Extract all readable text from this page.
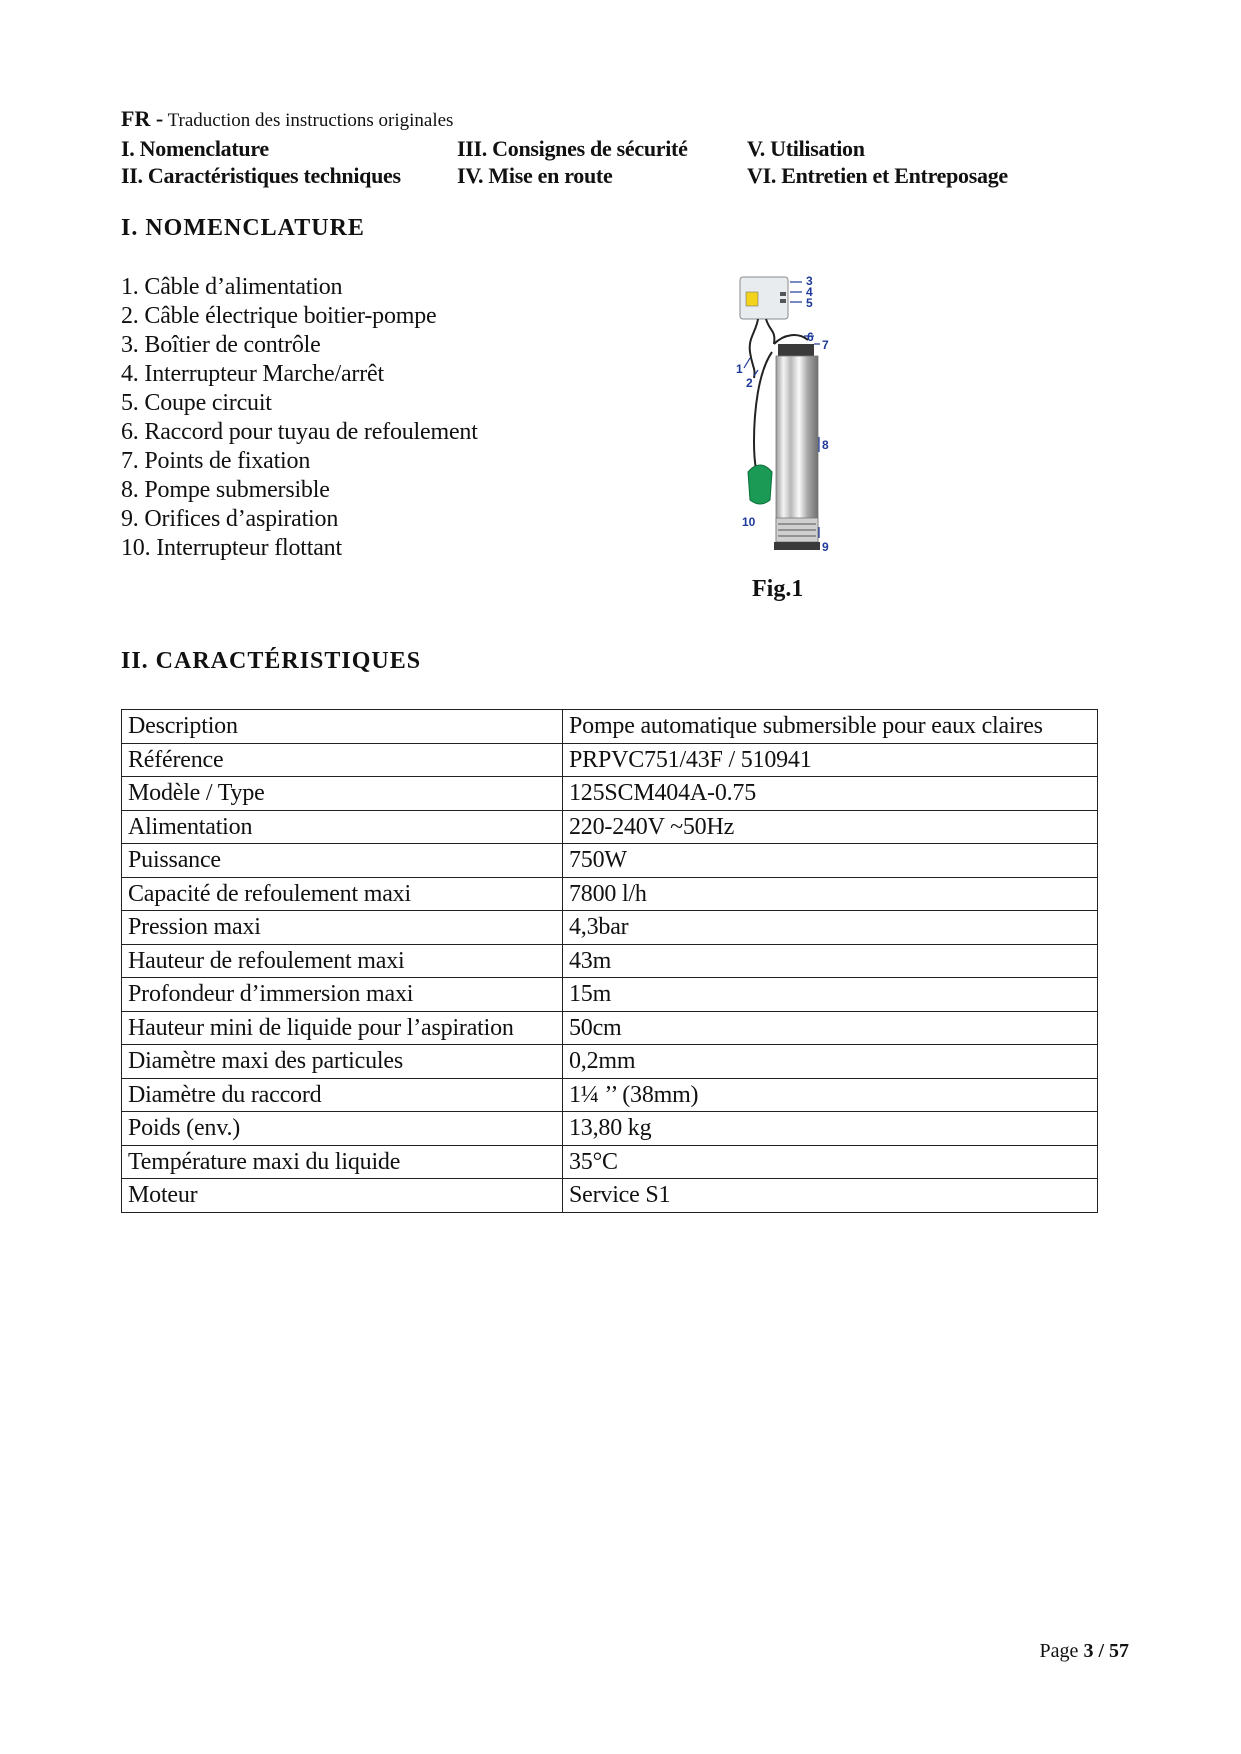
FR - Traduction des instructions originales
I. Nomenclature	III. Consignes de sécurité	V. Utilisation
II. Caractéristiques techniques	IV. Mise en route	VI. Entretien et Entreposage
I. NOMENCLATURE
1. Câble d’alimentation
2. Câble électrique boitier-pompe
3. Boîtier de contrôle
4. Interrupteur Marche/arrêt
5. Coupe circuit
6. Raccord pour tuyau de refoulement
7. Points de fixation
8. Pompe submersible
9. Orifices d’aspiration
10. Interrupteur flottant
3
4
5
6
7
1
2
8
10
9
Fig.1
II. CARACTÉRISTIQUES
Description	Pompe automatique submersible pour eaux claires
Référence	PRPVC751/43F / 510941
Modèle / Type	125SCM404A-0.75
Alimentation	220-240V ~50Hz
Puissance	750W
Capacité de refoulement maxi	7800 l/h
Pression maxi	4,3bar
Hauteur de refoulement maxi	43m
Profondeur d’immersion maxi	15m
Hauteur mini de liquide pour l’aspiration	50cm
Diamètre maxi des particules	0,2mm
Diamètre du raccord	1¼ ’’ (38mm)
Poids (env.)	13,80 kg
Température maxi du liquide	35°C
Moteur	Service S1
Page 3 / 57
